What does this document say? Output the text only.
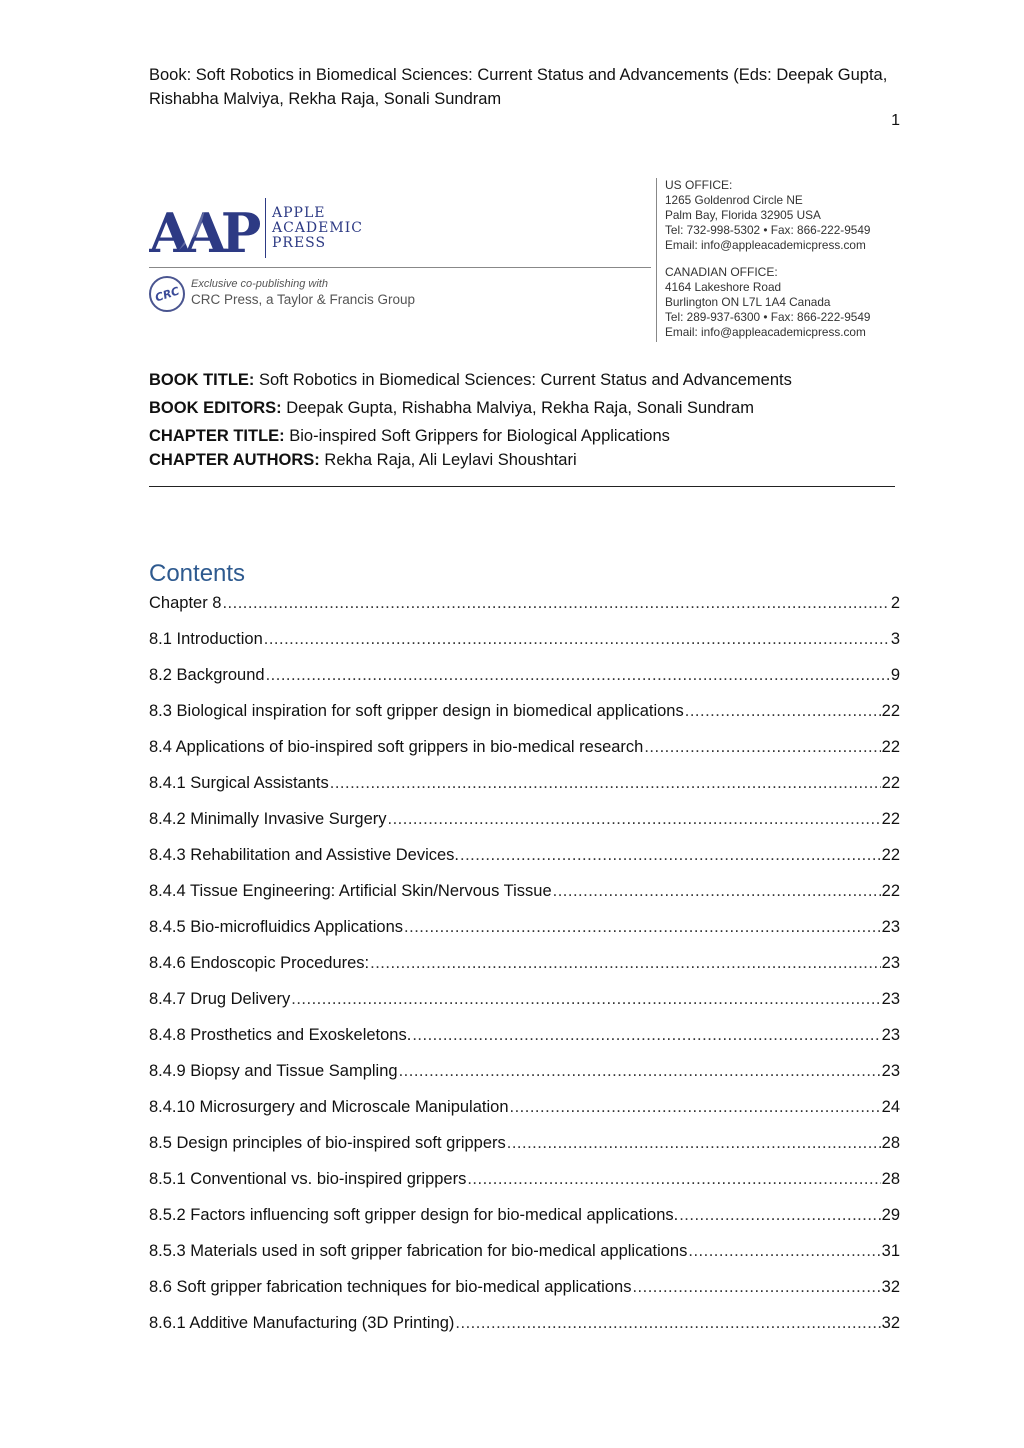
Book: Soft Robotics in Biomedical Sciences: Current Status and Advancements (Eds: Deepak Gupta, Rishabha Malviya, Rekha Raja, Sonali Sundram
1
AAP	APPLE
ACADEMIC
PRESS
CRC
Exclusive co-publishing with
CRC Press, a Taylor & Francis Group
US OFFICE:
1265 Goldenrod Circle NE
Palm Bay, Florida 32905 USA
Tel: 732-998-5302 • Fax: 866-222-9549
Email: info@appleacademicpress.com
CANADIAN OFFICE:
4164 Lakeshore Road
Burlington ON L7L 1A4 Canada
Tel: 289-937-6300 • Fax: 866-222-9549
Email: info@appleacademicpress.com
BOOK TITLE: Soft Robotics in Biomedical Sciences: Current Status and Advancements
BOOK EDITORS: Deepak Gupta, Rishabha Malviya, Rekha Raja, Sonali Sundram
CHAPTER TITLE: Bio-inspired Soft Grippers for Biological Applications
CHAPTER AUTHORS: Rekha Raja, Ali Leylavi Shoushtari
Contents
Chapter 8 .....	2
8.1 Introduction .....	3
8.2 Background .....	9
8.3 Biological inspiration for soft gripper design in biomedical applications .....	22
8.4 Applications of bio-inspired soft grippers in bio-medical research .....	22
8.4.1 Surgical Assistants .....	22
8.4.2 Minimally Invasive Surgery .....	22
8.4.3 Rehabilitation and Assistive Devices. .....	22
8.4.4 Tissue Engineering: Artificial Skin/Nervous Tissue .....	22
8.4.5 Bio-microfluidics Applications .....	23
8.4.6 Endoscopic Procedures: .....	23
8.4.7 Drug Delivery .....	23
8.4.8 Prosthetics and Exoskeletons. .....	23
8.4.9 Biopsy and Tissue Sampling .....	23
8.4.10 Microsurgery and Microscale Manipulation .....	24
8.5 Design principles of bio-inspired soft grippers .....	28
8.5.1 Conventional vs. bio-inspired grippers .....	28
8.5.2 Factors influencing soft gripper design for bio-medical applications. .....	29
8.5.3 Materials used in soft gripper fabrication for bio-medical applications .....	31
8.6 Soft gripper fabrication techniques for bio-medical applications .....	32
8.6.1 Additive Manufacturing (3D Printing) .....	32
